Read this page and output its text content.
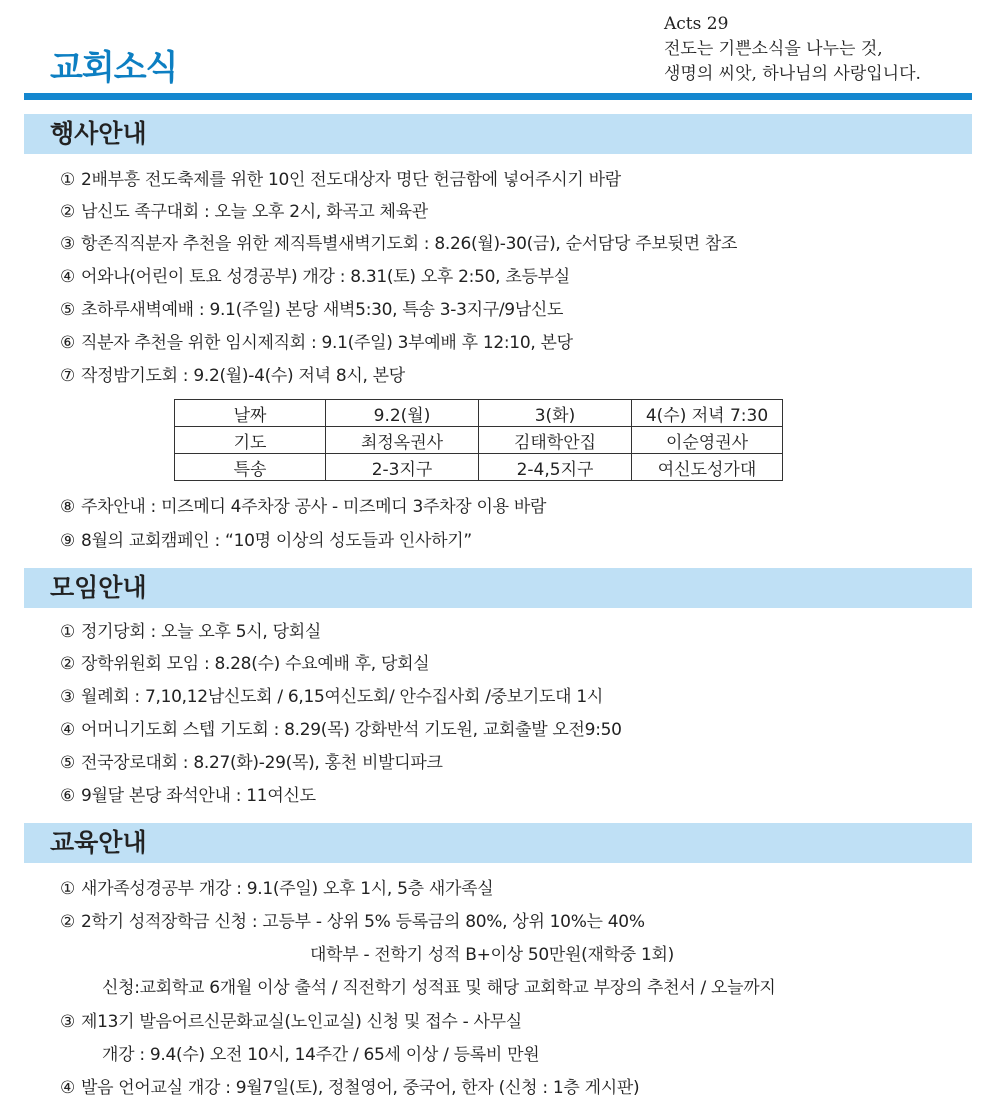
교회소식
Acts 29
전도는 기쁜소식을 나누는 것,
생명의 씨앗, 하나님의 사랑입니다.
행사안내
① 2배부흥 전도축제를 위한 10인 전도대상자 명단 헌금함에 넣어주시기 바람
② 남신도 족구대회 : 오늘 오후 2시, 화곡고 체육관
③ 항존직직분자 추천을 위한 제직특별새벽기도회 : 8.26(월)-30(금), 순서담당 주보뒷면 참조
④ 어와나(어린이 토요 성경공부) 개강 : 8.31(토) 오후 2:50, 초등부실
⑤ 초하루새벽예배 : 9.1(주일) 본당 새벽5:30, 특송 3-3지구/9남신도
⑥ 직분자 추천을 위한 임시제직회 : 9.1(주일) 3부예배 후 12:10, 본당
⑦ 작정밤기도회 : 9.2(월)-4(수) 저녁 8시, 본당
날짜	9.2(월)	3(화)	4(수) 저녁 7:30
기도	최정옥권사	김태학안집	이순영권사
특송	2-3지구	2-4,5지구	여신도성가대
⑧ 주차안내 : 미즈메디 4주차장 공사 - 미즈메디 3주차장 이용 바람
⑨ 8월의 교회캠페인 : “10명 이상의 성도들과 인사하기”
모임안내
① 정기당회 : 오늘 오후 5시, 당회실
② 장학위원회 모임 : 8.28(수) 수요예배 후, 당회실
③ 월례회 : 7,10,12남신도회 / 6,15여신도회/ 안수집사회 /중보기도대 1시
④ 어머니기도회 스텝 기도회 : 8.29(목) 강화반석 기도원, 교회출발 오전9:50
⑤ 전국장로대회 : 8.27(화)-29(목), 홍천 비발디파크
⑥ 9월달 본당 좌석안내 : 11여신도
교육안내
① 새가족성경공부 개강 : 9.1(주일) 오후 1시, 5층 새가족실
② 2학기 성적장학금 신청 : 고등부 - 상위 5% 등록금의 80%, 상위 10%는 40%
대학부 - 전학기 성적 B+이상 50만원(재학중 1회)
신청:교회학교 6개월 이상 출석 / 직전학기 성적표 및 해당 교회학교 부장의 추천서 / 오늘까지
③ 제13기 발음어르신문화교실(노인교실) 신청 및 접수 - 사무실
개강 : 9.4(수) 오전 10시, 14주간 / 65세 이상 / 등록비 만원
④ 발음 언어교실 개강 : 9월7일(토), 정철영어, 중국어, 한자 (신청 : 1층 게시판)
